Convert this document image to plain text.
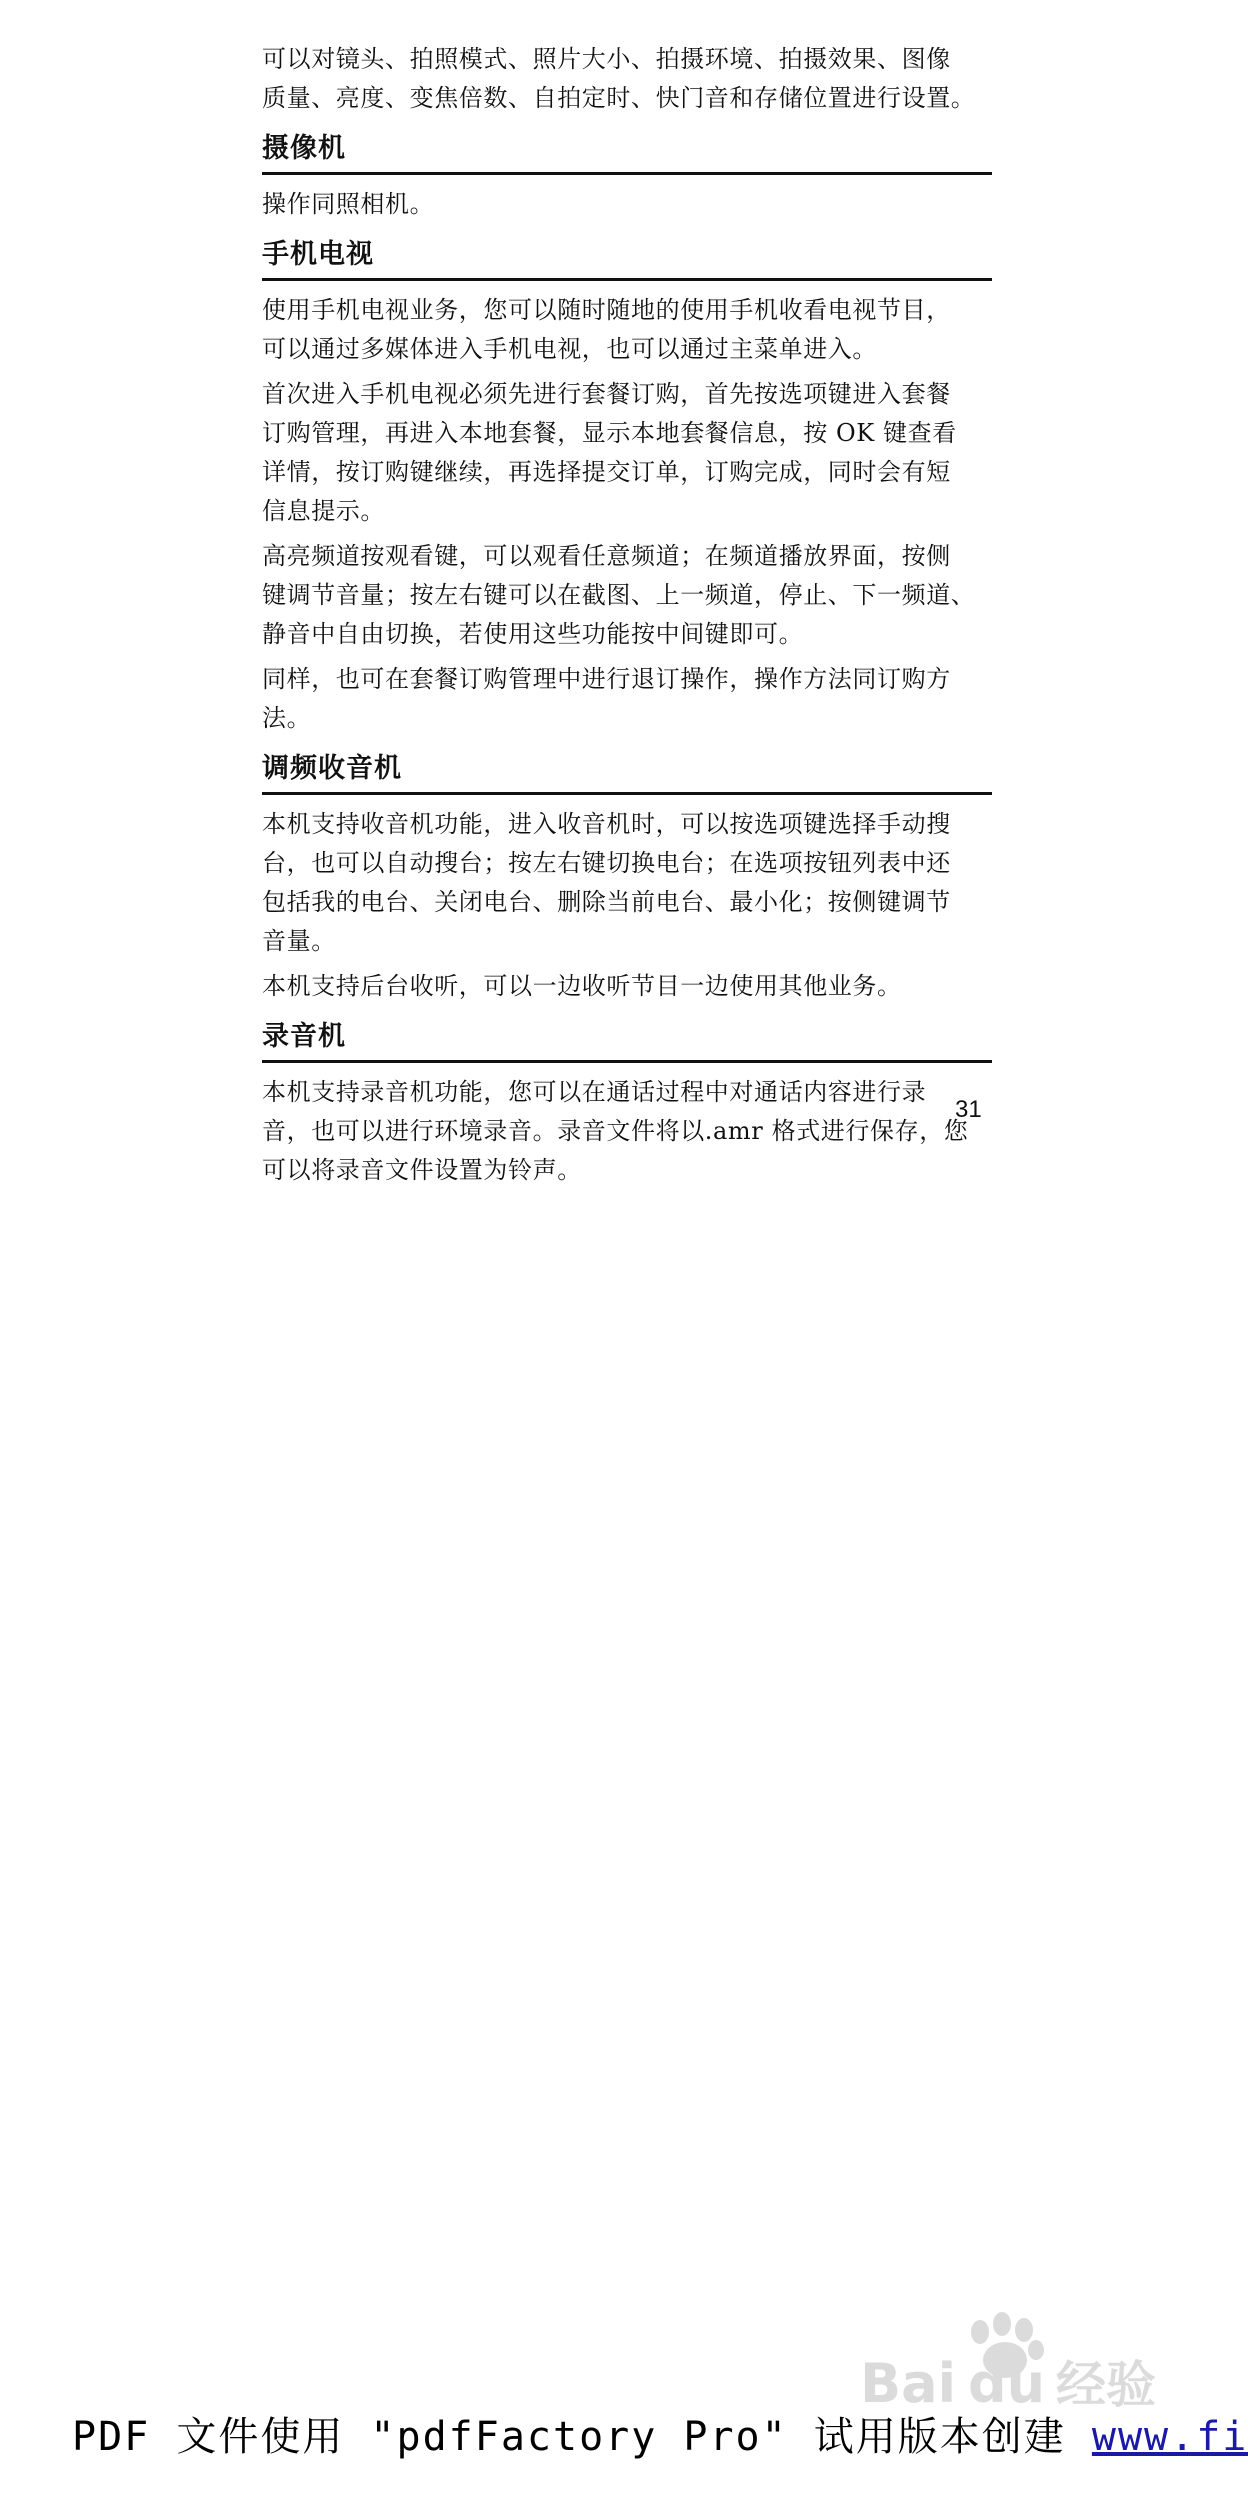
可以对镜头、拍照模式、照片大小、拍摄环境、拍摄效果、图像
质量、亮度、变焦倍数、自拍定时、快门音和存储位置进行设置。

摄像机

操作同照相机。

手机电视

使用手机电视业务，您可以随时随地的使用手机收看电视节目，
可以通过多媒体进入手机电视，也可以通过主菜单进入。

首次进入手机电视必须先进行套餐订购，首先按选项键进入套餐
订购管理，再进入本地套餐，显示本地套餐信息，按 OK 键查看
详情，按订购键继续，再选择提交订单，订购完成，同时会有短
信息提示。

高亮频道按观看键，可以观看任意频道；在频道播放界面，按侧
键调节音量；按左右键可以在截图、上一频道，停止、下一频道、
静音中自由切换，若使用这些功能按中间键即可。

同样，也可在套餐订购管理中进行退订操作，操作方法同订购方
法。

调频收音机

本机支持收音机功能，进入收音机时，可以按选项键选择手动搜
台，也可以自动搜台；按左右键切换电台；在选项按钮列表中还
包括我的电台、关闭电台、删除当前电台、最小化；按侧键调节
音量。

本机支持后台收听，可以一边收听节目一边使用其他业务。

录音机

本机支持录音机功能，您可以在通话过程中对通话内容进行录
音，也可以进行环境录音。录音文件将以.amr 格式进行保存，您
可以将录音文件设置为铃声。

31
Bai du 经验
PDF 文件使用 "pdfFactory Pro" 试用版本创建 www.fi
